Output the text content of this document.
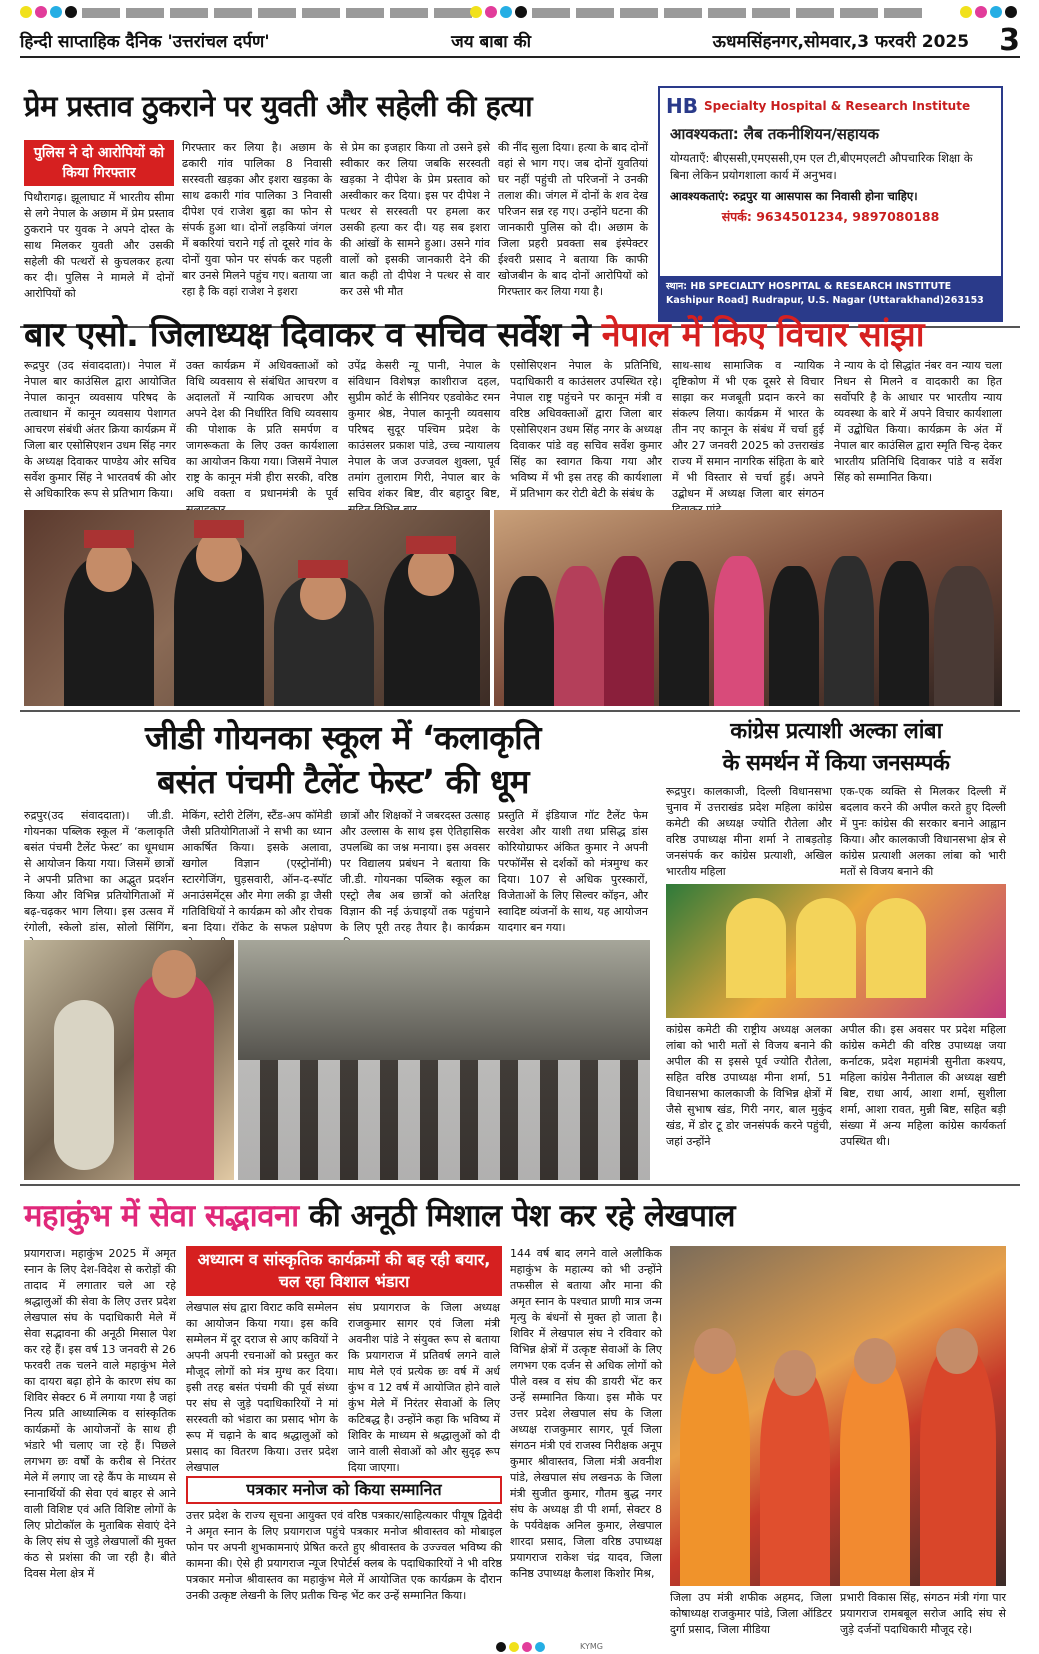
हिन्दी साप्ताहिक दैनिक 'उत्तरांचल दर्पण'	जय बाबा की	ऊधमसिंहनगर,सोमवार,3 फरवरी 2025 3
प्रेम प्रस्ताव ठुकराने पर युवती और सहेली की हत्या
पुलिस ने दो आरोपियों को किया गिरफ्तार
पिथौरागढ़। झूलाघाट में भारतीय सीमा से लगे नेपाल के अछाम में प्रेम प्रस्ताव ठुकराने पर युवक ने अपने दोस्त के साथ मिलकर युवती और उसकी सहेली की पत्थरों से कुचलकर हत्या कर दी। पुलिस ने मामले में दोनों आरोपियों को
गिरफ्तार कर लिया है। अछाम के ढकारी गांव पालिका 8 निवासी सरस्वती खड़का और इशरा खड़का के साथ ढकारी गांव पालिका 3 निवासी दीपेश एवं राजेश बुढ़ा का फोन से संपर्क हुआ था। दोनों लड़कियां जंगल में बकरियां चराने गई तो दूसरे गांव के दोनों युवा फोन पर संपर्क कर पहली बार उनसे मिलने पहुंच गए। बताया जा रहा है कि वहां राजेश ने इशरा
से प्रेम का इजहार किया तो उसने इसे स्वीकार कर लिया जबकि सरस्वती खड़का ने दीपेश के प्रेम प्रस्ताव को अस्वीकार कर दिया। इस पर दीपेश ने पत्थर से सरस्वती पर हमला कर उसकी हत्या कर दी। यह सब इशरा की आंखों के सामने हुआ। उसने गांव वालों को इसकी जानकारी देने की बात कही तो दीपेश ने पत्थर से वार कर उसे भी मौत
की नींद सुला दिया। हत्या के बाद दोनों वहां से भाग गए। जब दोनों युवतियां घर नहीं पहुंची तो परिजनों ने उनकी तलाश की। जंगल में दोनों के शव देख परिजन सन्न रह गए। उन्होंने घटना की जानकारी पुलिस को दी। अछाम के जिला प्रहरी प्रवक्ता सब इंस्पेक्टर ईश्वरी प्रसाद ने बताया कि काफी खोजबीन के बाद दोनों आरोपियों को गिरफ्तार कर लिया गया है।
HB Specialty Hospital & Research Institute
आवश्यकता: लैब तकनीशियन/सहायक
योग्यताएँ: बीएससी,एमएससी,एम एल टी,बीएमएलटी औपचारिक शिक्षा के बिना लेकिन प्रयोगशाला कार्य में अनुभव।
आवश्यकताएं: रुद्रपुर या आसपास का निवासी होना चाहिए।
संपर्क: 9634501234, 9897080188
स्थान: HB SPECIALTY HOSPITAL & RESEARCH INSTITUTE Kashipur Road] Rudrapur, U.S. Nagar (Uttarakhand)263153
बार एसो. जिलाध्यक्ष दिवाकर व सचिव सर्वेश ने नेपाल में किए विचार सांझा
रूद्रपुर (उद संवाददाता)। नेपाल में नेपाल बार काउंसिल द्वारा आयोजित नेपाल कानून व्यवसाय परिषद के तत्वाधान में कानून व्यवसाय पेशागत आचरण संबंधी अंतर क्रिया कार्यक्रम में जिला बार एसोसिएशन उधम सिंह नगर के अध्यक्ष दिवाकर पाण्डेय ओर सचिव सर्वेश कुमार सिंह ने भारतवर्ष की ओर से अधिकारिक रूप से प्रतिभाग किया।
उक्त कार्यक्रम में अधिवक्ताओं को विधि व्यवसाय से संबंधित आचरण व अदालतों में न्यायिक आचरण और अपने देश की निर्धारित विधि व्यवसाय की पोशाक के प्रति समर्पण व जागरूकता के लिए उक्त कार्यशाला का आयोजन किया गया। जिसमें नेपाल राष्ट्र के कानून मंत्री हीरा सरकी, वरिष्ठ अधि वक्ता व प्रधानमंत्री के पूर्व
उपेंद्र केसरी न्यू पानी, नेपाल के संविधान विशेषज्ञ काशीराज दहल, सुप्रीम कोर्ट के सीनियर एडवोकेट रमन कुमार श्रेष्ठ, नेपाल कानूनी व्यवसाय परिषद सुदूर पश्चिम प्रदेश के काउंसलर प्रकाश पांडे, उच्च न्यायालय नेपाल के जज उज्जवल शुक्ला, पूर्व तमांग तुलाराम गिरी, नेपाल बार के सचिव शंकर बिष्ट, वीर बहादुर बिष्ट,
एसोसिएशन नेपाल के प्रतिनिधि, पदाधिकारी व काउंसलर उपस्थित रहे। नेपाल राष्ट्र पहुंचने पर कानून मंत्री व वरिष्ठ अधिवक्ताओं द्वारा जिला बार एसोसिएशन उधम सिंह नगर के अध्यक्ष दिवाकर पांडे वह सचिव सर्वेश कुमार सिंह का स्वागत किया गया और भविष्य में भी इस तरह की कार्यशाला में प्रतिभाग कर रोटी बेटी के संबंध के
साथ-साथ सामाजिक व न्यायिक दृष्टिकोण में भी एक दूसरे से विचार साझा कर मजबूती प्रदान करने का संकल्प लिया। कार्यक्रम में भारत के तीन नए कानून के संबंध में चर्चा हुई और 27 जनवरी 2025 को उत्तराखंड राज्य में समान नागरिक संहिता के बारे में भी विस्तार से चर्चा हुई। अपने उद्बोधन में अध्यक्ष जिला बार संगठन
ने न्याय के दो सिद्धांत नंबर वन न्याय चला निधन से मिलने व वादकारी का हित सर्वोपरि है के आधार पर भारतीय न्याय व्यवस्था के बारे में अपने विचार कार्यशाला में उद्बोधित किया। कार्यक्रम के अंत में नेपाल बार काउंसिल द्वारा स्मृति चिन्ह देकर भारतीय प्रतिनिधि दिवाकर पांडे व सर्वेश सिंह को सम्मानित किया।
जीडी गोयनका स्कूल में ‘कलाकृति
बसंत पंचमी टैलेंट फेस्ट’ की धूम
रुद्रपुर(उद संवाददाता)। जी.डी. गोयनका पब्लिक स्कूल में ‘कलाकृति बसंत पंचमी टैलेंट फेस्ट’ का धूमधाम से आयोजन किया गया। जिसमें छात्रों ने अपनी प्रतिभा का अद्भुत प्रदर्शन किया और विभिन्न प्रतियोगिताओं में बढ़-चढ़कर भाग लिया। इस उत्सव में रंगोली, स्केलो डांस, सोलो सिंगिंग,
मेकिंग, स्टोरी टेलिंग, स्टैंड-अप कॉमेडी जैसी प्रतियोगिताओं ने सभी का ध्यान आकर्षित किया। इसके अलावा, खगोल विज्ञान (एस्ट्रोनॉमी) स्टारगेजिंग, घुड़सवारी, ऑन-द-स्पॉट अनाउंसमेंट्स और मेगा लकी ड्रा जैसी गतिविधियों ने कार्यक्रम को और रोचक बना दिया। रॉकेट के सफल प्रक्षेपण
छात्रों और शिक्षकों ने जबरदस्त उत्साह और उल्लास के साथ इस ऐतिहासिक उपलब्धि का जश्न मनाया। इस अवसर पर विद्यालय प्रबंधन ने बताया कि जी.डी. गोयनका पब्लिक स्कूल का एस्ट्रो लैब अब छात्रों को अंतरिक्ष विज्ञान की नई ऊंचाइयों तक पहुंचाने के लिए पूरी तरह तैयार है। कार्यक्रम
प्रस्तुति में इंडियाज गॉट टैलेंट फेम सरवेश और याशी तथा प्रसिद्ध डांस कोरियोग्राफर अंकित कुमार ने अपनी परफॉर्मेंस से दर्शकों को मंत्रमुग्ध कर दिया। 107 से अधिक पुरस्कारों, विजेताओं के लिए सिल्वर कॉइन, और स्वादिष्ट व्यंजनों के साथ, यह आयोजन यादगार बन गया।
कांग्रेस प्रत्याशी अल्का लांबा
के समर्थन में किया जनसम्पर्क
रूद्रपुर। कालकाजी, दिल्ली विधानसभा चुनाव में उत्तराखंड प्रदेश महिला कांग्रेस कमेटी की अध्यक्ष ज्योति रौतेला और वरिष्ठ उपाध्यक्ष मीना शर्मा ने ताबड़तोड़ जनसंपर्क कर कांग्रेस प्रत्याशी, अखिल भारतीय महिला
एक-एक व्यक्ति से मिलकर दिल्ली में बदलाव करने की अपील करते हुए दिल्ली में पुनः कांग्रेस की सरकार बनाने आह्वान किया। और कालकाजी विधानसभा क्षेत्र से कांग्रेस प्रत्याशी अलका लांबा को भारी मतों से विजय बनाने की
कांग्रेस कमेटी की राष्ट्रीय अध्यक्ष अलका लांबा को भारी मतों से विजय बनाने की अपील की स इससे पूर्व ज्योति रौतेला, सहित वरिष्ठ उपाध्यक्ष मीना शर्मा, 51 विधानसभा कालकाजी के विभिन्न क्षेत्रों में जैसे सुभाष खंड, गिरी नगर, बाल मुकुंद खंड, में डोर टू डोर जनसंपर्क करने पहुंची, जहां उन्होंने
अपील की। इस अवसर पर प्रदेश महिला कांग्रेस कमेटी की वरिष्ठ उपाध्यक्ष जया कर्नाटक, प्रदेश महामंत्री सुनीता कश्यप, महिला कांग्रेस नैनीताल की अध्यक्ष खष्टी बिष्ट, राधा आर्य, आशा शर्मा, सुशीला शर्मा, आशा रावत, मुन्नी बिष्ट, सहित बड़ी संख्या में अन्य महिला कांग्रेस कार्यकर्ता उपस्थित थी।
महाकुंभ में सेवा सद्भावना की अनूठी मिशाल पेश कर रहे लेखपाल
प्रयागराज। महाकुंभ 2025 में अमृत स्नान के लिए देश-विदेश से करोड़ों की तादाद में लगातार चले आ रहे श्रद्धालुओं की सेवा के लिए उत्तर प्रदेश लेखपाल संघ के पदाधिकारी मेले में सेवा सद्भावना की अनूठी मिसाल पेश कर रहे हैं। इस वर्ष 13 जनवरी से 26 फरवरी तक चलने वाले महाकुंभ मेले का दायरा बढ़ा होने के कारण संघ का शिविर सेक्टर 6 में लगाया गया है जहां नित्य प्रति आध्यात्मिक व सांस्कृतिक कार्यक्रमों के आयोजनों के साथ ही भंडारे भी चलाए जा रहे हैं। पिछले लगभग छः वर्षों के करीब से निरंतर मेले में लगाए जा रहे कैंप के माध्यम से स्नानार्थियों की सेवा एवं बाहर से आने वाली विशिष्ट एवं अति विशिष्ट लोगों के लिए प्रोटोकॉल के मुताबिक सेवाएं देने के लिए संघ से जुड़े लेखपालों की मुक्त कंठ से प्रशंसा की जा रही है। बीते दिवस मेला क्षेत्र में
अध्यात्म व सांस्कृतिक कार्यक्रमों की बह रही बयार, चल रहा विशाल भंडारा
लेखपाल संघ द्वारा विराट कवि सम्मेलन का आयोजन किया गया। इस कवि सम्मेलन में दूर दराज से आए कवियों ने अपनी अपनी रचनाओं को प्रस्तुत कर मौजूद लोगों को मंत्र मुग्ध कर दिया। इसी तरह बसंत पंचमी की पूर्व संध्या पर संघ से जुड़े पदाधिकारियों ने मां सरस्वती को भंडारा का प्रसाद भोग के रूप में चढ़ाने के बाद श्रद्धालुओं को प्रसाद का वितरण किया। उत्तर प्रदेश लेखपाल
संघ प्रयागराज के जिला अध्यक्ष राजकुमार सागर एवं जिला मंत्री अवनीश पांडे ने संयुक्त रूप से बताया कि प्रयागराज में प्रतिवर्ष लगने वाले माघ मेले एवं प्रत्येक छः वर्ष में अर्ध कुंभ व 12 वर्ष में आयोजित होने वाले कुंभ मेले में निरंतर सेवाओं के लिए कटिबद्ध है। उन्होंने कहा कि भविष्य में शिविर के माध्यम से श्रद्धालुओं को दी जाने वाली सेवाओं को और सुदृढ़ रूप दिया जाएगा।
पत्रकार मनोज को किया सम्मानित
उत्तर प्रदेश के राज्य सूचना आयुक्त एवं वरिष्ठ पत्रकार/साहित्यकार पीयूष द्विवेदी ने अमृत स्नान के लिए प्रयागराज पहुंचे पत्रकार मनोज श्रीवास्तव को मोबाइल फोन पर अपनी शुभकामनाएं प्रेषित करते हुए श्रीवास्तव के उज्ज्वल भविष्य की कामना की। ऐसे ही प्रयागराज न्यूज रिपोर्टर्स क्लब के पदाधिकारियों ने भी वरिष्ठ पत्रकार मनोज श्रीवास्तव का महाकुंभ मेले में आयोजित एक कार्यक्रम के दौरान उनकी उत्कृष्ट लेखनी के लिए प्रतीक चिन्ह भेंट कर उन्हें सम्मानित किया।
144 वर्ष बाद लगने वाले अलौकिक महाकुंभ के महात्म्य को भी उन्होंने तफसील से बताया और माना की अमृत स्नान के पश्चात प्राणी मात्र जन्म मृत्यु के बंधनों से मुक्त हो जाता है। शिविर में लेखपाल संघ ने रविवार को विभिन्न क्षेत्रों में उत्कृष्ट सेवाओं के लिए लगभग एक दर्जन से अधिक लोगों को पीले वस्त्र व संघ की डायरी भेंट कर उन्हें सम्मानित किया। इस मौके पर उत्तर प्रदेश लेखपाल संघ के जिला अध्यक्ष राजकुमार सागर, पूर्व जिला संगठन मंत्री एवं राजस्व निरीक्षक अनूप कुमार श्रीवास्तव, जिला मंत्री अवनीश पांडे, लेखपाल संघ लखनऊ के जिला मंत्री सुजीत कुमार, गौतम बुद्ध नगर संघ के अध्यक्ष डी पी शर्मा, सेक्टर 8 के पर्यवेक्षक अनिल कुमार, लेखपाल शारदा प्रसाद, जिला वरिष्ठ उपाध्यक्ष प्रयागराज राकेश चंद्र यादव, जिला कनिष्ठ उपाध्यक्ष कैलाश किशोर मिश्र,
जिला उप मंत्री शफीक अहमद, जिला कोषाध्यक्ष राजकुमार पांडे, जिला ऑडिटर दुर्गा प्रसाद, जिला मीडिया
प्रभारी विकास सिंह, संगठन मंत्री गंगा पार प्रयागराज रामबबूल सरोज आदि संघ से जुड़े दर्जनों पदाधिकारी मौजूद रहे।
KYMG
